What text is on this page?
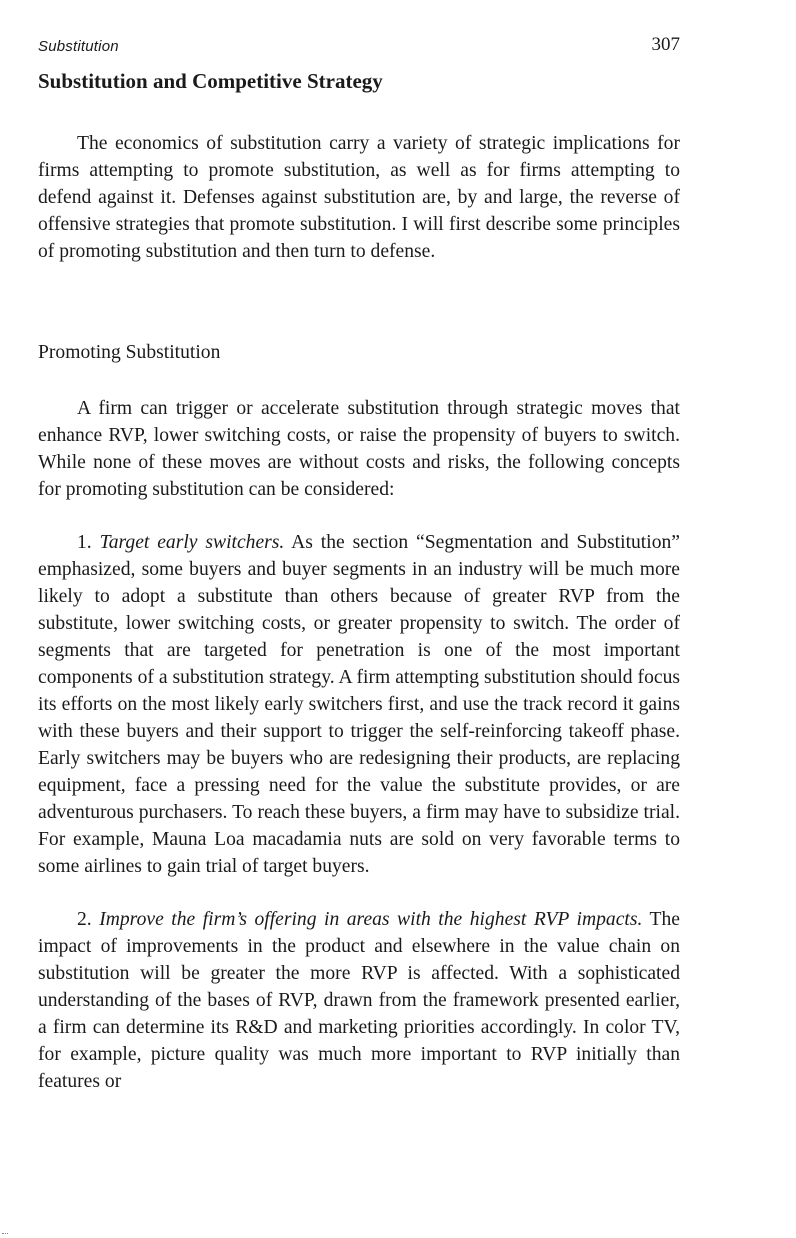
Substitution	307
Substitution and Competitive Strategy

The economics of substitution carry a variety of strategic implications for firms attempting to promote substitution, as well as for firms attempting to defend against it. Defenses against substitution are, by and large, the reverse of offensive strategies that promote substitution. I will first describe some principles of promoting substitution and then turn to defense.

Promoting Substitution

A firm can trigger or accelerate substitution through strategic moves that enhance RVP, lower switching costs, or raise the propensity of buyers to switch. While none of these moves are without costs and risks, the following concepts for promoting substitution can be considered:

1. Target early switchers. As the section “Segmentation and Substitution” emphasized, some buyers and buyer segments in an industry will be much more likely to adopt a substitute than others because of greater RVP from the substitute, lower switching costs, or greater propensity to switch. The order of segments that are targeted for penetration is one of the most important components of a substitution strategy. A firm attempting substitution should focus its efforts on the most likely early switchers first, and use the track record it gains with these buyers and their support to trigger the self-reinforcing takeoff phase. Early switchers may be buyers who are redesigning their products, are replacing equipment, face a pressing need for the value the substitute provides, or are adventurous purchasers. To reach these buyers, a firm may have to subsidize trial. For example, Mauna Loa macadamia nuts are sold on very favorable terms to some airlines to gain trial of target buyers.

2. Improve the firm’s offering in areas with the highest RVP impacts. The impact of improvements in the product and elsewhere in the value chain on substitution will be greater the more RVP is affected. With a sophisticated understanding of the bases of RVP, drawn from the framework presented earlier, a firm can determine its R&D and marketing priorities accordingly. In color TV, for example, picture quality was much more important to RVP initially than features or
